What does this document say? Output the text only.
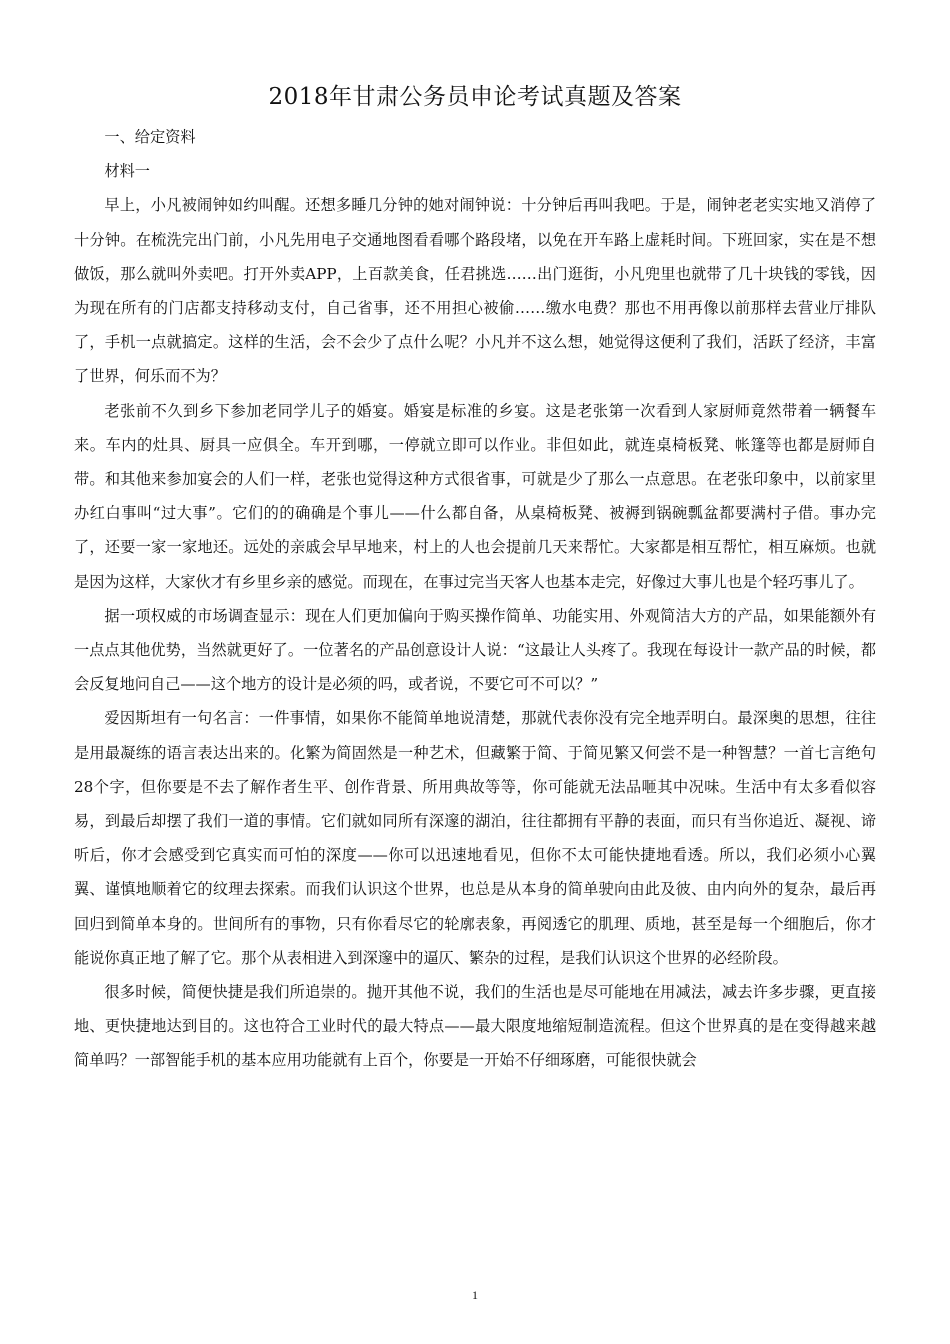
2018年甘肃公务员申论考试真题及答案

一、给定资料

材料一

早上，小凡被闹钟如约叫醒。还想多睡几分钟的她对闹钟说：十分钟后再叫我吧。于是，闹钟老老实实地又消停了十分钟。在梳洗完出门前，小凡先用电子交通地图看看哪个路段堵，以免在开车路上虚耗时间。下班回家，实在是不想做饭，那么就叫外卖吧。打开外卖APP，上百款美食，任君挑选……出门逛街，小凡兜里也就带了几十块钱的零钱，因为现在所有的门店都支持移动支付，自己省事，还不用担心被偷……缴水电费？那也不用再像以前那样去营业厅排队了，手机一点就搞定。这样的生活，会不会少了点什么呢？小凡并不这么想，她觉得这便利了我们，活跃了经济，丰富了世界，何乐而不为？

老张前不久到乡下参加老同学儿子的婚宴。婚宴是标准的乡宴。这是老张第一次看到人家厨师竟然带着一辆餐车来。车内的灶具、厨具一应俱全。车开到哪，一停就立即可以作业。非但如此，就连桌椅板凳、帐篷等也都是厨师自带。和其他来参加宴会的人们一样，老张也觉得这种方式很省事，可就是少了那么一点意思。在老张印象中，以前家里办红白事叫“过大事”。它们的的确确是个事儿——什么都自备，从桌椅板凳、被褥到锅碗瓢盆都要满村子借。事办完了，还要一家一家地还。远处的亲戚会早早地来，村上的人也会提前几天来帮忙。大家都是相互帮忙，相互麻烦。也就是因为这样，大家伙才有乡里乡亲的感觉。而现在，在事过完当天客人也基本走完，好像过大事儿也是个轻巧事儿了。

据一项权威的市场调查显示：现在人们更加偏向于购买操作简单、功能实用、外观简洁大方的产品，如果能额外有一点点其他优势，当然就更好了。一位著名的产品创意设计人说：“这最让人头疼了。我现在每设计一款产品的时候，都会反复地问自己——这个地方的设计是必须的吗，或者说，不要它可不可以？”

爱因斯坦有一句名言：一件事情，如果你不能简单地说清楚，那就代表你没有完全地弄明白。最深奥的思想，往往是用最凝练的语言表达出来的。化繁为简固然是一种艺术，但藏繁于简、于简见繁又何尝不是一种智慧？一首七言绝句28个字，但你要是不去了解作者生平、创作背景、所用典故等等，你可能就无法品咂其中况味。生活中有太多看似容易，到最后却摆了我们一道的事情。它们就如同所有深邃的湖泊，往往都拥有平静的表面，而只有当你追近、凝视、谛听后，你才会感受到它真实而可怕的深度——你可以迅速地看见，但你不太可能快捷地看透。所以，我们必须小心翼翼、谨慎地顺着它的纹理去探索。而我们认识这个世界，也总是从本身的简单驶向由此及彼、由内向外的复杂，最后再回归到简单本身的。世间所有的事物，只有你看尽它的轮廓表象，再阅透它的肌理、质地，甚至是每一个细胞后，你才能说你真正地了解了它。那个从表相进入到深邃中的逼仄、繁杂的过程，是我们认识这个世界的必经阶段。

很多时候，简便快捷是我们所追崇的。抛开其他不说，我们的生活也是尽可能地在用减法，减去许多步骤，更直接地、更快捷地达到目的。这也符合工业时代的最大特点——最大限度地缩短制造流程。但这个世界真的是在变得越来越简单吗？一部智能手机的基本应用功能就有上百个，你要是一开始不仔细琢磨，可能很快就会

1
